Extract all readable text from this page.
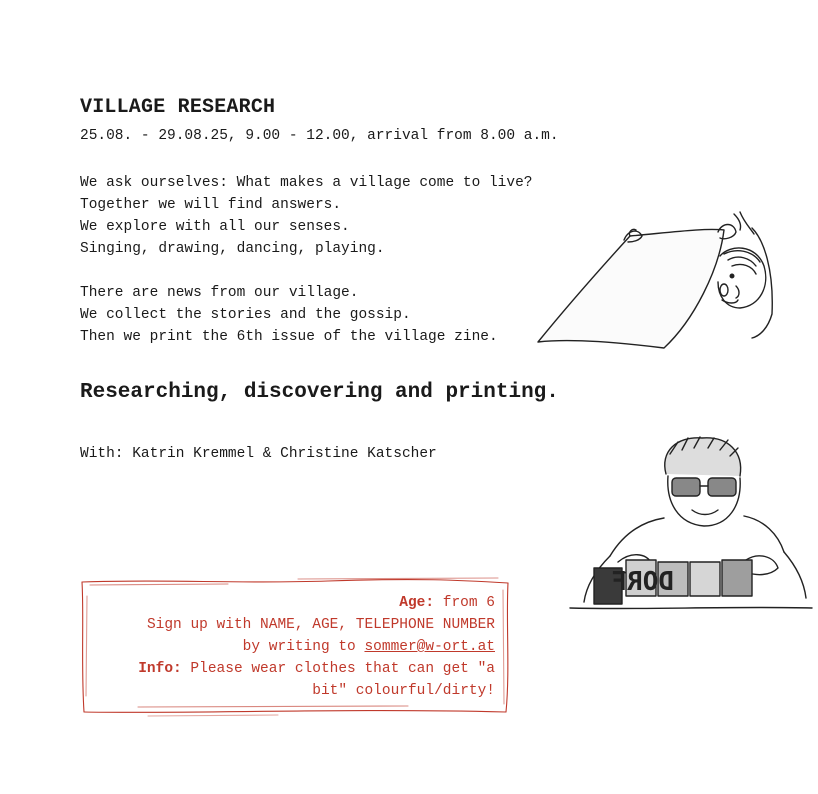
VILLAGE RESEARCH
25.08. - 29.08.25, 9.00 - 12.00, arrival from 8.00 a.m.
We ask ourselves: What makes a village come to live?
Together we will find answers.
We explore with all our senses.
Singing, drawing, dancing, playing.
There are news from our village.
We collect the stories and the gossip.
Then we print the 6th issue of the village zine.
Researching, discovering and printing.
With: Katrin Kremmel & Christine Katscher
Age: from 6
Sign up with NAME, AGE, TELEPHONE NUMBER
by writing to sommer@w-ort.at
Info: Please wear clothes that can get "a
bit" colourful/dirty!
DORF
